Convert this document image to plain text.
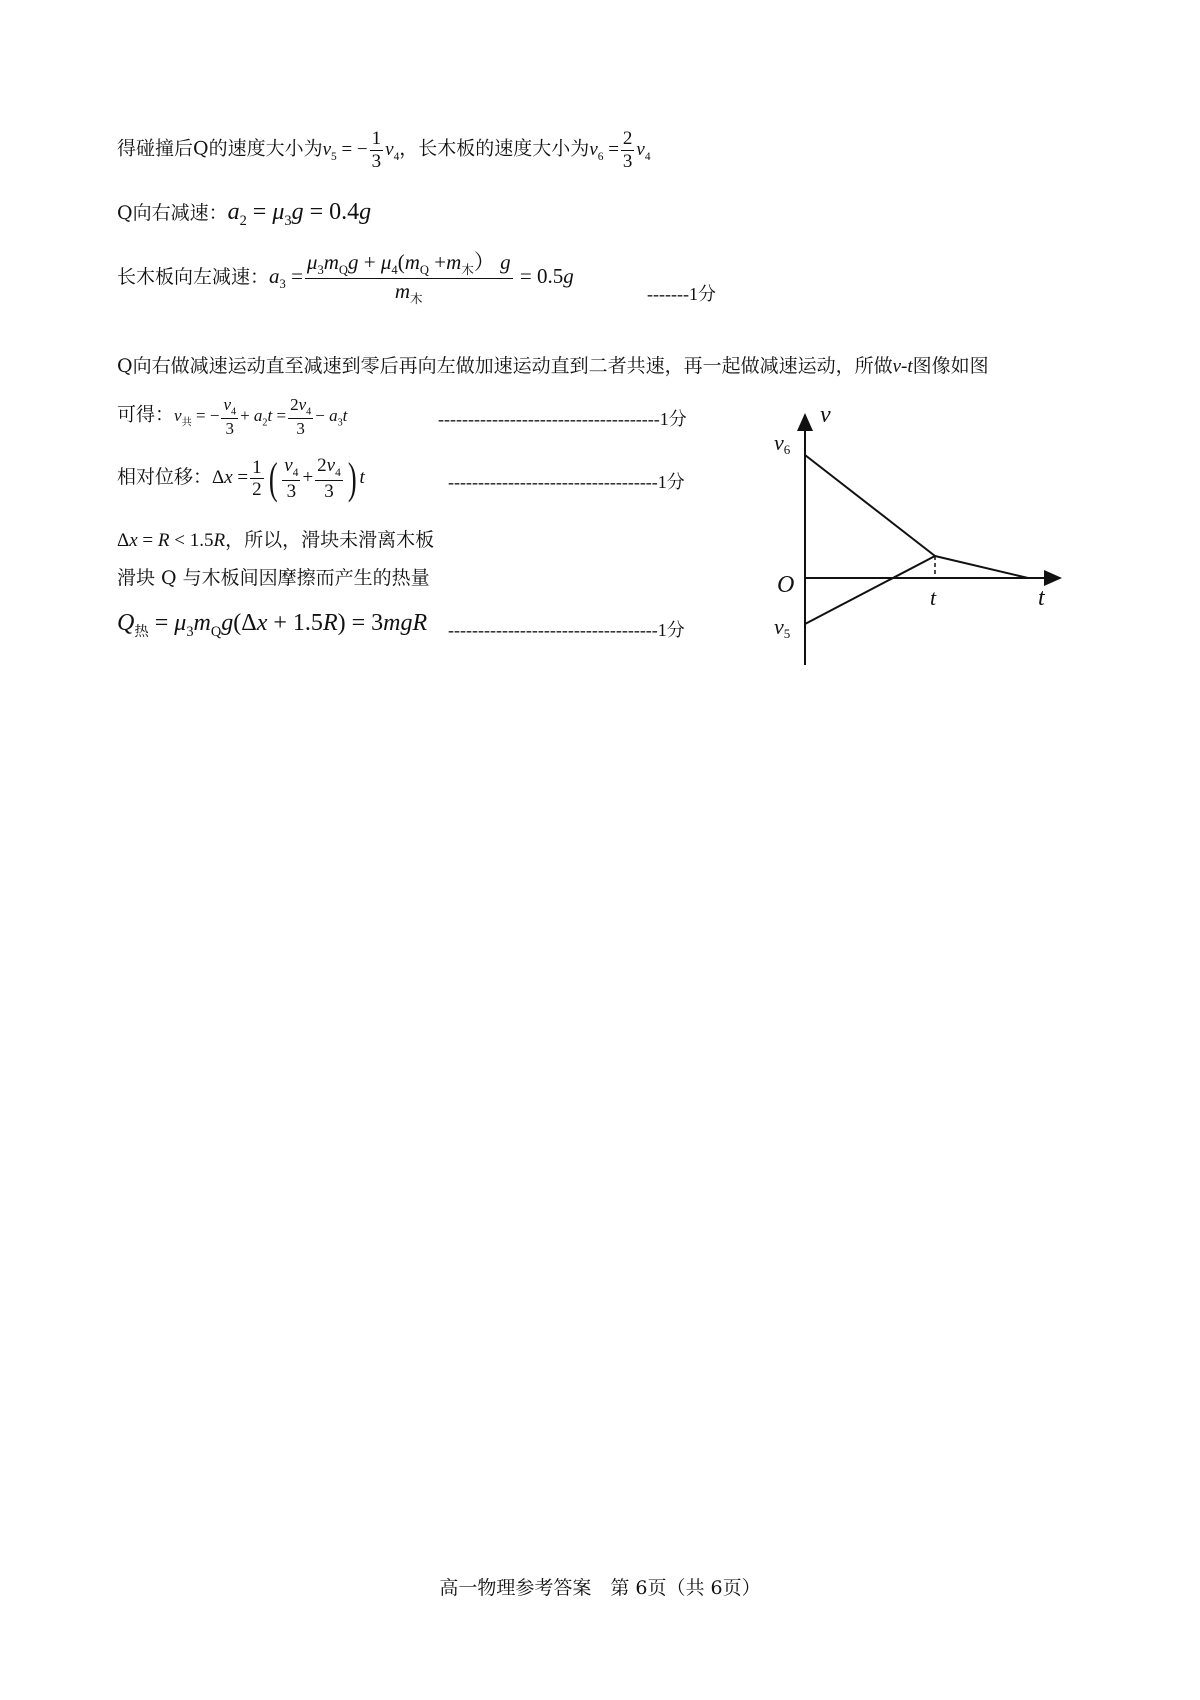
得碰撞后Q的速度大小为$v_5$ = − $\frac{1}{3} v_4$，长木板的速度大小为$v_6 = \frac{2}{3} v_4$
Q向右减速：$a_2 = \mu_3g = 0.4g$
长木板向左减速：$a_3 = \frac{\mu_3m_Qg + \mu_4(m_Q +m_木) g}{m_木} = 0.5g$
-------1分
Q向右做减速运动直至减速到零后再向左做加速运动直到二者共速，再一起做减速运动，所做v-t图像如图
可得：$v_共$ = − $\frac{v_4}{3} + a_2t = \frac{2v_4}{3} - a_3t$	-------------------------------------1分
相对位移：$\Delta x = \frac{1}{2}$ ( $\frac{v_4}{3} + \frac{2v_4}{3}$ ) t	-----------------------------------1分
Δx = R < 1.5R，所以，滑块未滑离木板
滑块 Q 与木板间因摩擦而产生的热量
$Q_热 = \mu_3m_Qg(\Delta x + 1.5R) = 3mgR$ -----------------------------------1分
v
t
O	t
v6
v5
高一物理参考答案　第 6页（共 6页）
